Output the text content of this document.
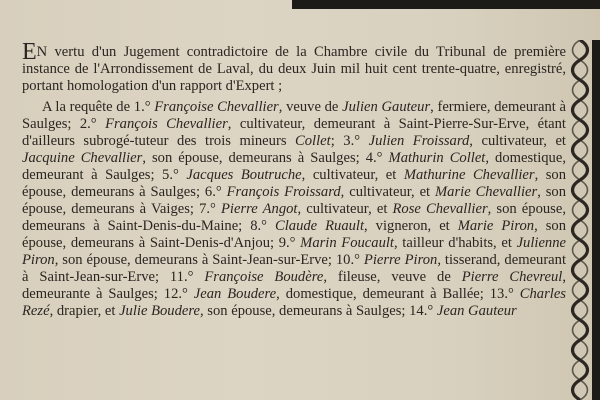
EN vertu d'un Jugement contradictoire de la Chambre civile du Tribunal de première instance de l'Arrondissement de Laval, du deux Juin mil huit cent trente-quatre, enregistré, portant homologation d'un rapport d'Expert ;

A la requête de 1.° Françoise Chevallier, veuve de Julien Gauteur, fermiere, demeurant à Saulges; 2.° François Chevallier, cultivateur, demeurant à Saint-Pierre-Sur-Erve, étant d'ailleurs subrogé-tuteur des trois mineurs Collet; 3.° Julien Froissard, cultivateur, et Jacquine Chevallier, son épouse, demeurans à Saulges; 4.° Mathurin Collet, domestique, demeurant à Saulges; 5.° Jacques Boutruche, cultivateur, et Mathurine Chevallier, son épouse, demeurans à Saulges; 6.° François Froissard, cultivateur, et Marie Chevallier, son épouse, demeurans à Vaiges; 7.° Pierre Angot, cultivateur, et Rose Chevallier, son épouse, demeurans à Saint-Denis-du-Maine; 8.° Claude Ruault, vigneron, et Marie Piron, son épouse, demeurans à Saint-Denis-d'Anjou; 9.° Marin Foucault, tailleur d'habits, et Julienne Piron, son épouse, demeurans à Saint-Jean-sur-Erve; 10.° Pierre Piron, tisserand, demeurant à Saint-Jean-sur-Erve; 11.° Françoise Boudère, fileuse, veuve de Pierre Chevreul, demeurante à Saulges; 12.° Jean Boudere, domestique, demeurant à Ballée; 13.° Charles Rezé, drapier, et Julie Boudere, son épouse, demeurans à Saulges; 14.° Jean Gauteur
